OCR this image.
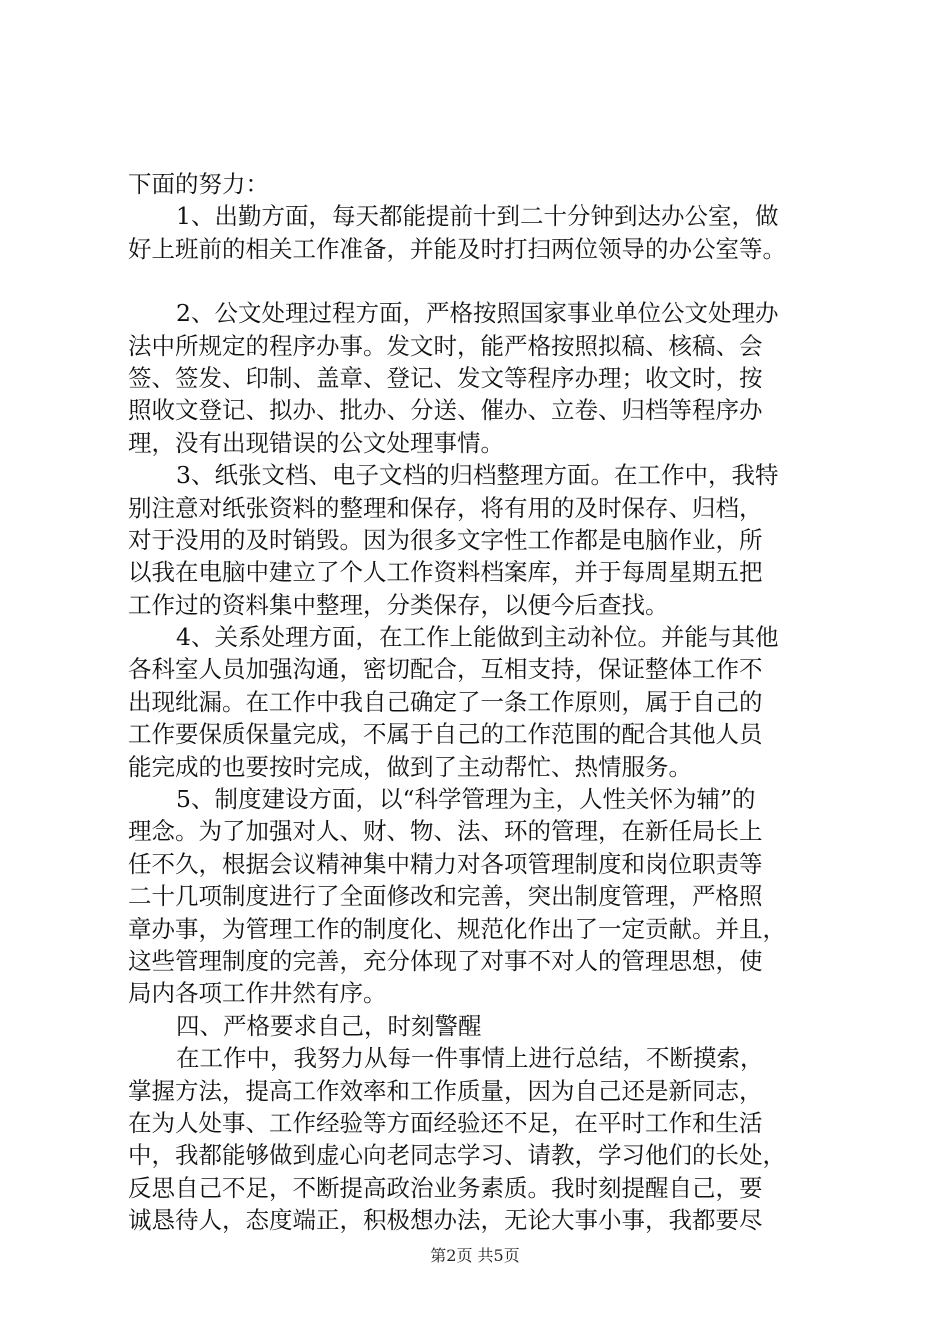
下面的努力：
1、出勤方面，每天都能提前十到二十分钟到达办公室，做
好上班前的相关工作准备，并能及时打扫两位领导的办公室等。
2、公文处理过程方面，严格按照国家事业单位公文处理办
法中所规定的程序办事。发文时，能严格按照拟稿、核稿、会
签、签发、印制、盖章、登记、发文等程序办理；收文时，按
照收文登记、拟办、批办、分送、催办、立卷、归档等程序办
理，没有出现错误的公文处理事情。
3、纸张文档、电子文档的归档整理方面。在工作中，我特
别注意对纸张资料的整理和保存，将有用的及时保存、归档，
对于没用的及时销毁。因为很多文字性工作都是电脑作业，所
以我在电脑中建立了个人工作资料档案库，并于每周星期五把
工作过的资料集中整理，分类保存，以便今后查找。
4、关系处理方面，在工作上能做到主动补位。并能与其他
各科室人员加强沟通，密切配合，互相支持，保证整体工作不
出现纰漏。在工作中我自己确定了一条工作原则，属于自己的
工作要保质保量完成，不属于自己的工作范围的配合其他人员
能完成的也要按时完成，做到了主动帮忙、热情服务。
5、制度建设方面，以“科学管理为主，人性关怀为辅”的
理念。为了加强对人、财、物、法、环的管理，在新任局长上
任不久，根据会议精神集中精力对各项管理制度和岗位职责等
二十几项制度进行了全面修改和完善，突出制度管理，严格照
章办事，为管理工作的制度化、规范化作出了一定贡献。并且，
这些管理制度的完善，充分体现了对事不对人的管理思想，使
局内各项工作井然有序。
四、严格要求自己，时刻警醒
在工作中，我努力从每一件事情上进行总结，不断摸索，
掌握方法，提高工作效率和工作质量，因为自己还是新同志，
在为人处事、工作经验等方面经验还不足，在平时工作和生活
中，我都能够做到虚心向老同志学习、请教，学习他们的长处，
反思自己不足，不断提高政治业务素质。我时刻提醒自己，要
诚恳待人，态度端正，积极想办法，无论大事小事，我都要尽
第2页 共5页
